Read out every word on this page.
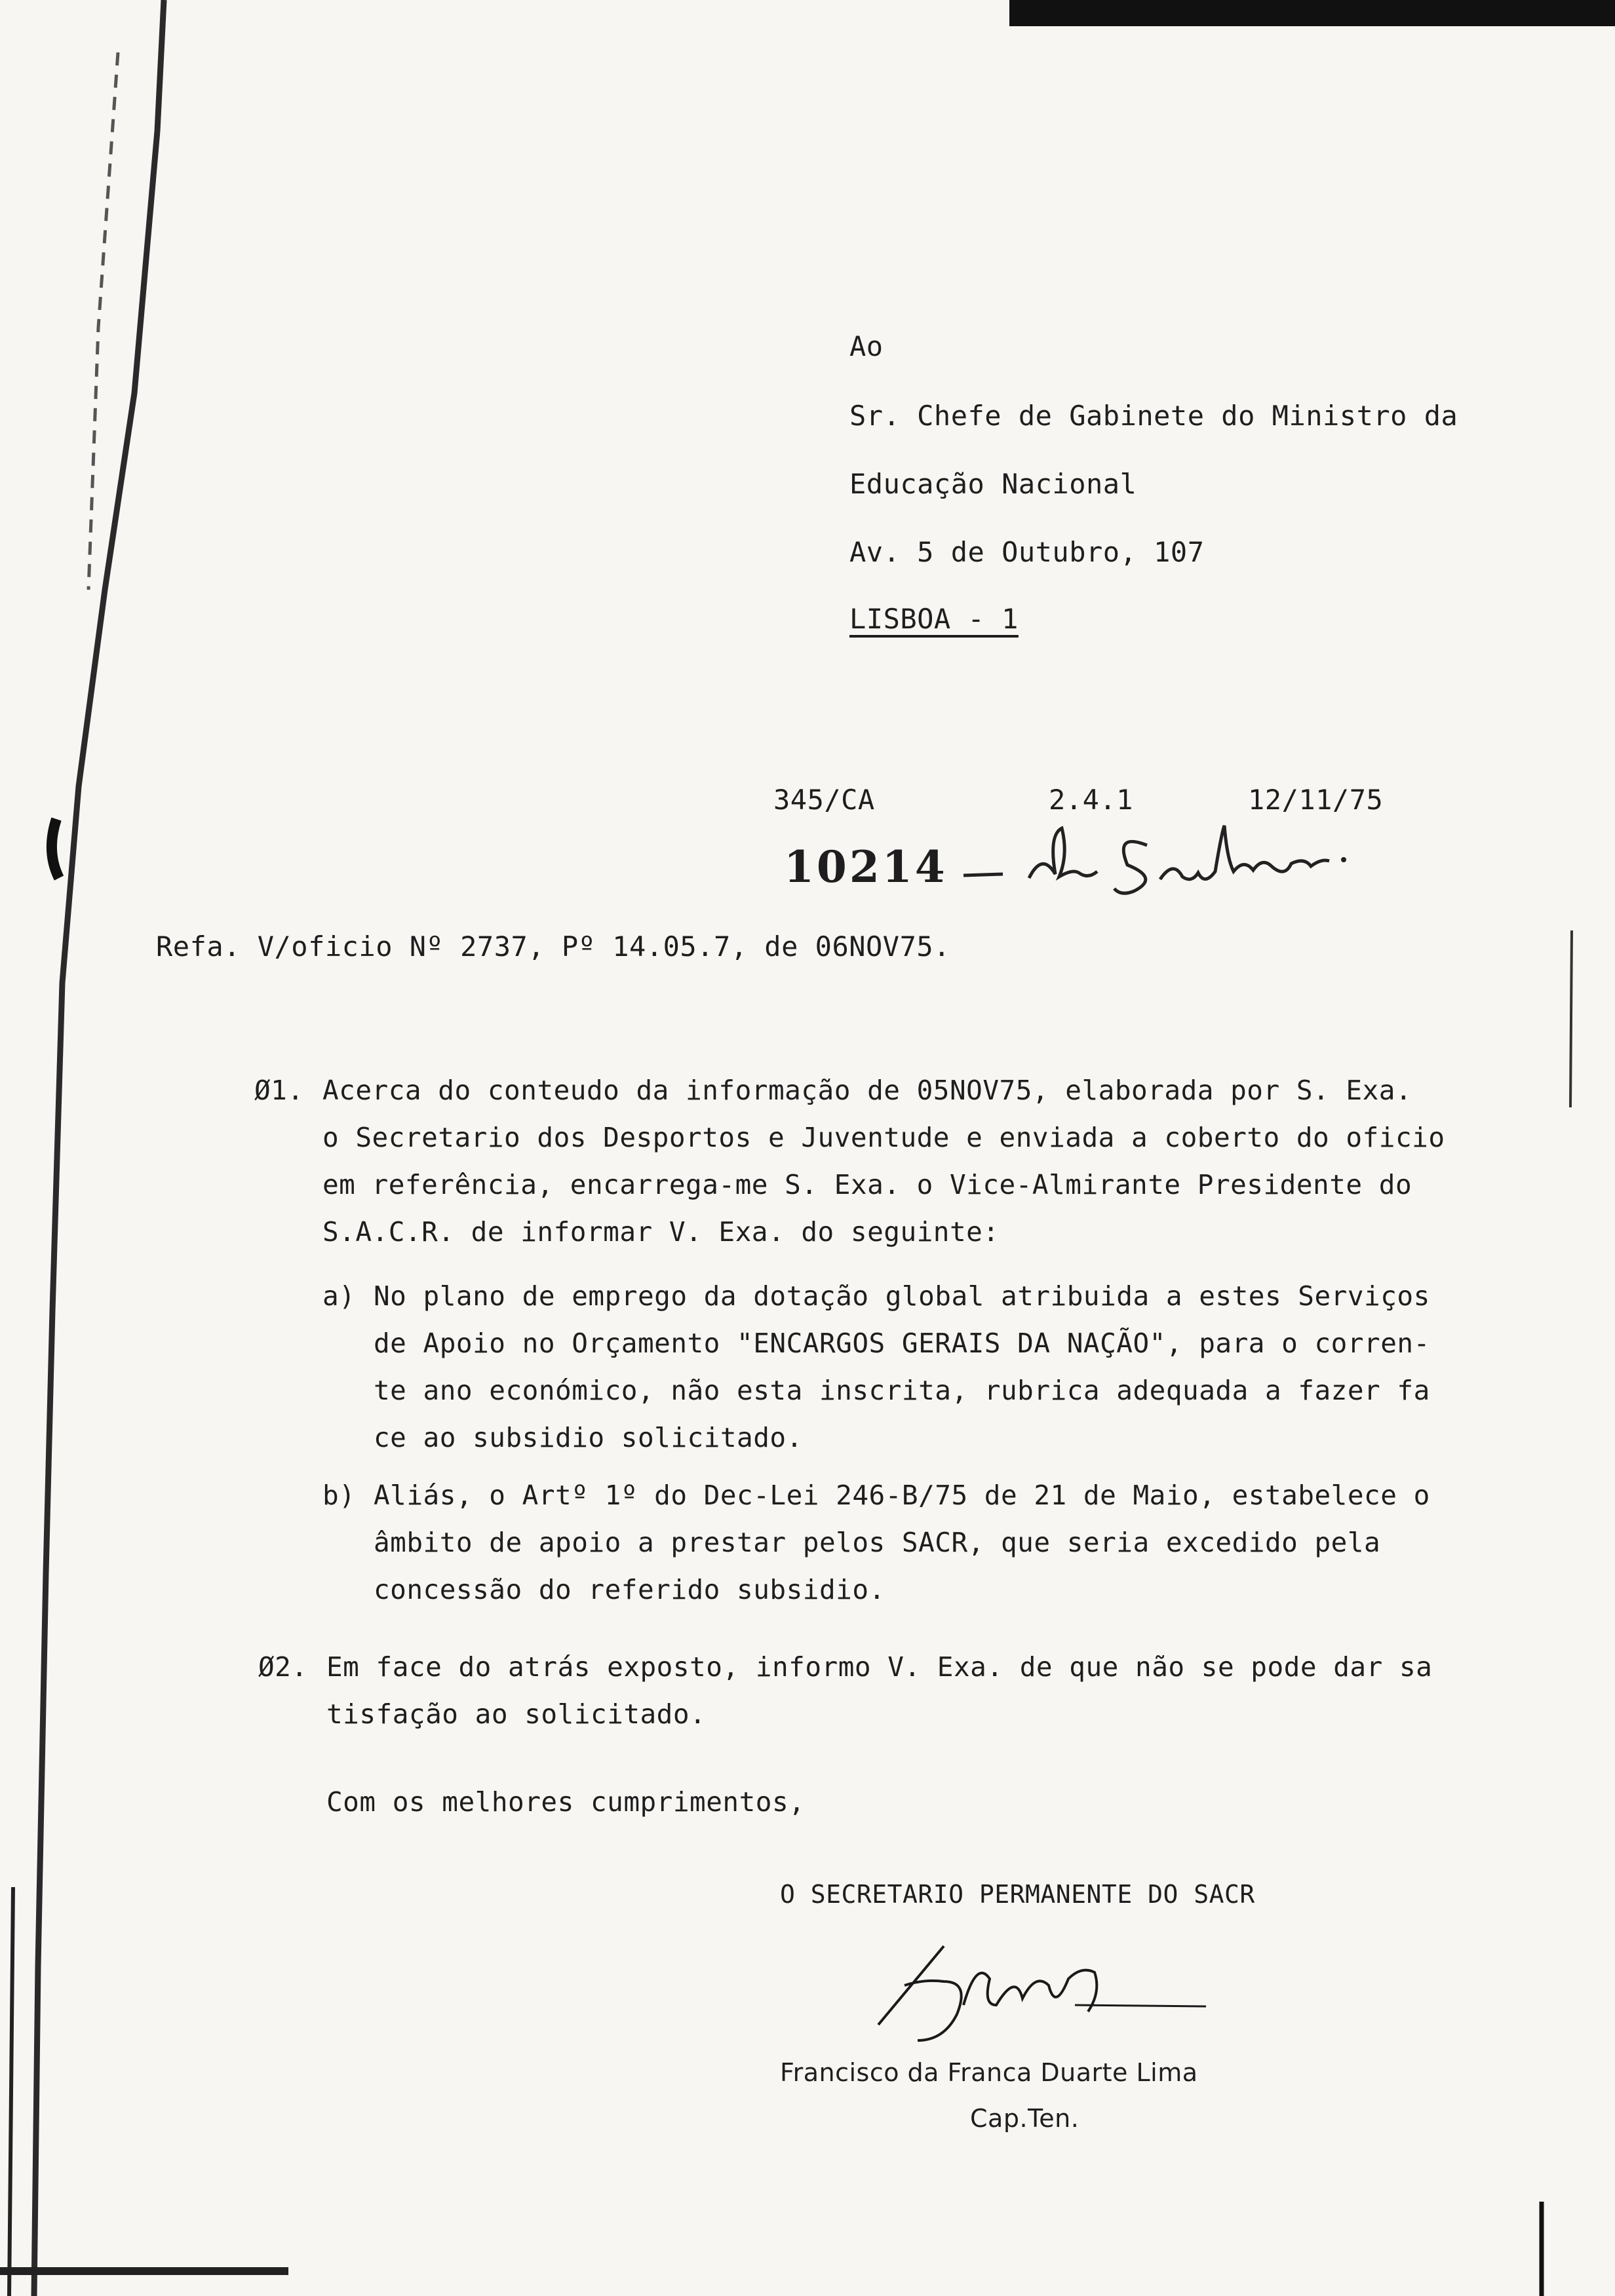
Ao
Sr. Chefe de Gabinete do Ministro da
Educação Nacional
Av. 5 de Outubro, 107
LISBOA - 1
345/CA	2.4.1	12/11/75
10214
Refa. V/oficio Nº 2737, Pº 14.05.7, de 06NOV75.
Ø1. Acerca do conteudo da informação de 05NOV75, elaborada por S. Exa.
o Secretario dos Desportos e Juventude e enviada a coberto do oficio
em referência, encarrega-me S. Exa. o Vice-Almirante Presidente do
S.A.C.R. de informar V. Exa. do seguinte:
a) No plano de emprego da dotação global atribuida a estes Serviços
de Apoio no Orçamento "ENCARGOS GERAIS DA NAÇÃO", para o corren-
te ano económico, não esta inscrita, rubrica adequada a fazer fa
ce ao subsidio solicitado.
b) Aliás, o Artº 1º do Dec-Lei 246-B/75 de 21 de Maio, estabelece o
âmbito de apoio a prestar pelos SACR, que seria excedido pela
concessão do referido subsidio.
Ø2. Em face do atrás exposto, informo V. Exa. de que não se pode dar sa
tisfação ao solicitado.
Com os melhores cumprimentos,
O SECRETARIO PERMANENTE DO SACR
Francisco da Franca Duarte Lima
Cap.Ten.
